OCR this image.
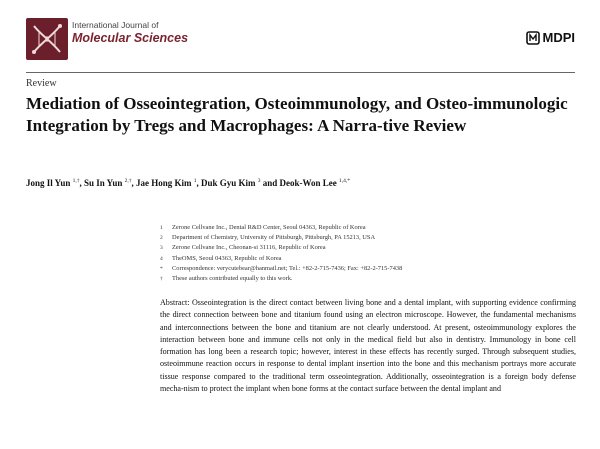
International Journal of
Molecular Sciences	MDPI
Review
Mediation of Osseointegration, Osteoimmunology, and Osteo-immunologic Integration by Tregs and Macrophages: A Narra-tive Review
Jong Il Yun $^{1,\dagger}$, Su In Yun $^{2,\dagger}$, Jae Hong Kim $^1$, Duk Gyu Kim $^3$ and Deok-Won Lee $^{1,4,*}$
1	Zerone Cellvane Inc., Dental R&D Center, Seoul 04363, Republic of Korea
2	Department of Chemistry, University of Pittsburgh, Pittsburgh, PA 15213, USA
3	Zerone Cellvane Inc., Cheonan-si 31116, Republic of Korea
4	TheOMS, Seoul 04363, Republic of Korea
*	Correspondence: verycutebear@hanmail.net; Tel.: +82-2-715-7436; Fax: +82-2-715-7438
†	These authors contributed equally to this work.

Abstract: Osseointegration is the direct contact between living bone and a dental implant, with supporting evidence confirming the direct connection between bone and titanium found using an electron microscope. However, the fundamental mechanisms and interconnections between the bone and titanium are not clearly understood. At present, osteoimmunology explores the interaction between bone and immune cells not only in the medical field but also in dentistry. Immunology in bone cell formation has long been a research topic; however, interest in these effects has recently surged. Through subsequent studies, osteoimmune reaction occurs in response to dental implant insertion into the bone and this mechanism portrays more accurate tissue response compared to the traditional term osseointegration. Additionally, osseointegration is a foreign body defense mecha-nism to protect the implant when bone forms at the contact surface between the dental implant and
